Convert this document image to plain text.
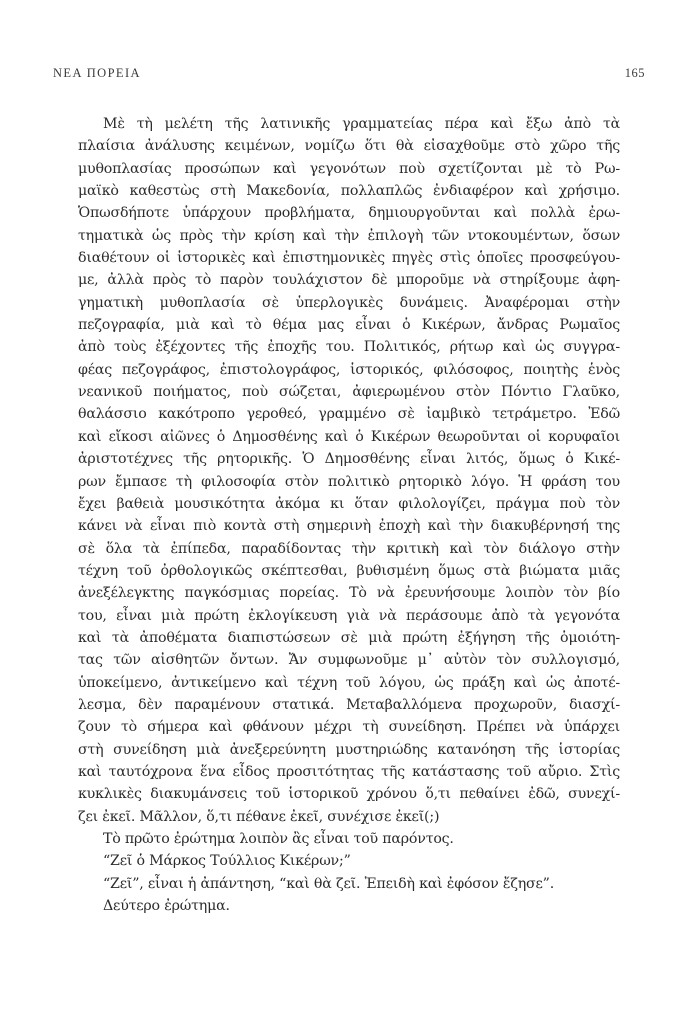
ΝΕΑ ΠΟΡΕΙΑ	165
Μὲ τὴ μελέτη τῆς λατινικῆς γραμματείας πέρα καὶ ἔξω ἀπὸ τὰ
πλαίσια ἀνάλυσης κειμένων, νομίζω ὅτι θὰ εἰσαχθοῦμε στὸ χῶρο τῆς
μυθοπλασίας προσώπων καὶ γεγονότων ποὺ σχετίζονται μὲ τὸ Ρω-
μαϊκὸ καθεστὼς στὴ Μακεδονία, πολλαπλῶς ἐνδιαφέρον καὶ χρήσιμο.
Ὁπωσδήποτε ὑπάρχουν προβλήματα, δημιουργοῦνται καὶ πολλὰ ἐρω-
τηματικὰ ὡς πρὸς τὴν κρίση καὶ τὴν ἐπιλογὴ τῶν ντοκουμέντων, ὅσων
διαθέτουν οἱ ἱστορικὲς καὶ ἐπιστημονικὲς πηγὲς στὶς ὁποῖες προσφεύγου-
με, ἀλλὰ πρὸς τὸ παρὸν τουλάχιστον δὲ μποροῦμε νὰ στηρίξουμε ἀφη-
γηματικὴ μυθοπλασία σὲ ὑπερλογικὲς δυνάμεις. Ἀναφέρομαι στὴν
πεζογραφία, μιὰ καὶ τὸ θέμα μας εἶναι ὁ Κικέρων, ἄνδρας Ρωμαῖος
ἀπὸ τοὺς ἐξέχοντες τῆς ἐποχῆς του. Πολιτικός, ρήτωρ καὶ ὡς συγγρα-
φέας πεζογράφος, ἐπιστολογράφος, ἱστορικός, φιλόσοφος, ποιητὴς ἑνὸς
νεανικοῦ ποιήματος, ποὺ σώζεται, ἀφιερωμένου στὸν Πόντιο Γλαῦκο,
θαλάσσιο κακότροπο γεροθεό, γραμμένο σὲ ἰαμβικὸ τετράμετρο. Ἐδῶ
καὶ εἴκοσι αἰῶνες ὁ Δημοσθένης καὶ ὁ Κικέρων θεωροῦνται οἱ κορυφαῖοι
ἀριστοτέχνες τῆς ρητορικῆς. Ὁ Δημοσθένης εἶναι λιτός, ὅμως ὁ Κικέ-
ρων ἔμπασε τὴ φιλοσοφία στὸν πολιτικὸ ρητορικὸ λόγο. Ἡ φράση του
ἔχει βαθειὰ μουσικότητα ἀκόμα κι ὅταν φιλολογίζει, πράγμα ποὺ τὸν
κάνει νὰ εἶναι πιὸ κοντὰ στὴ σημερινὴ ἐποχὴ καὶ τὴν διακυβέρνησή της
σὲ ὅλα τὰ ἐπίπεδα, παραδίδοντας τὴν κριτικὴ καὶ τὸν διάλογο στὴν
τέχνη τοῦ ὀρθολογικῶς σκέπτεσθαι, βυθισμένη ὅμως στὰ βιώματα μιᾶς
ἀνεξέλεγκτης παγκόσμιας πορείας. Τὸ νὰ ἐρευνήσουμε λοιπὸν τὸν βίο
του, εἶναι μιὰ πρώτη ἐκλογίκευση γιὰ νὰ περάσουμε ἀπὸ τὰ γεγονότα
καὶ τὰ ἀποθέματα διαπιστώσεων σὲ μιὰ πρώτη ἐξήγηση τῆς ὁμοιότη-
τας τῶν αἰσθητῶν ὄντων. Ἄν συμφωνοῦμε μ᾽ αὐτὸν τὸν συλλογισμό,
ὑποκείμενο, ἀντικείμενο καὶ τέχνη τοῦ λόγου, ὡς πράξη καὶ ὡς ἀποτέ-
λεσμα, δὲν παραμένουν στατικά. Μεταβαλλόμενα προχωροῦν, διασχί-
ζουν τὸ σήμερα καὶ φθάνουν μέχρι τὴ συνείδηση. Πρέπει νὰ ὑπάρχει
στὴ συνείδηση μιὰ ἀνεξερεύνητη μυστηριώδης κατανόηση τῆς ἱστορίας
καὶ ταυτόχρονα ἕνα εἶδος προσιτότητας τῆς κατάστασης τοῦ αὔριο. Στὶς
κυκλικὲς διακυμάνσεις τοῦ ἱστορικοῦ χρόνου ὅ,τι πεθαίνει ἐδῶ, συνεχί-
ζει ἐκεῖ. Μᾶλλον, ὅ,τι πέθανε ἐκεῖ, συνέχισε ἐκεῖ(;)
Τὸ πρῶτο ἐρώτημα λοιπὸν ἂς εἶναι τοῦ παρόντος.
“Ζεῖ ὁ Μάρκος Τούλλιος Κικέρων;”
“Ζεῖ”, εἶναι ἡ ἀπάντηση, “καὶ θὰ ζεῖ. Ἐπειδὴ καὶ ἐφόσον ἔζησε”.
Δεύτερο ἐρώτημα.
